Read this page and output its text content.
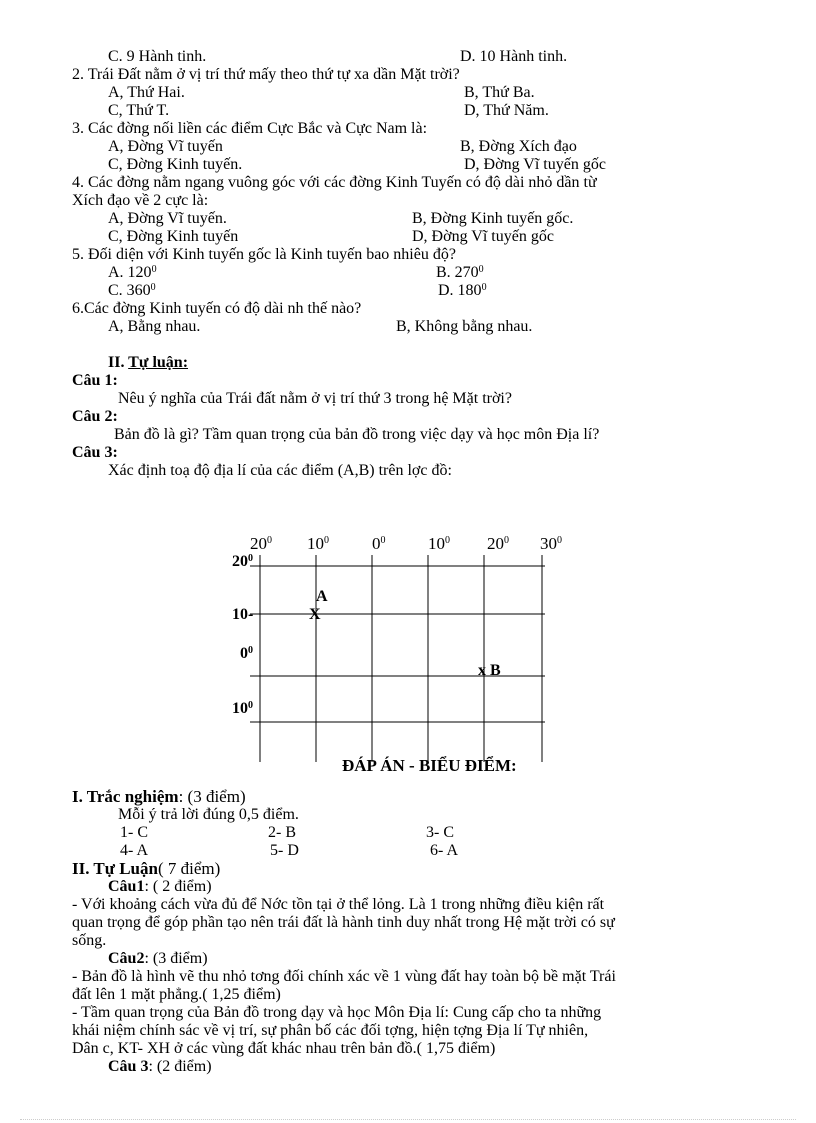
C. 9 Hành tinh.	D. 10 Hành tinh.
2. Trái Đất nằm ở vị trí thứ mấy theo thứ tự xa dần Mặt trời?
A, Thứ Hai.	B, Thứ Ba.
C, Thứ T.	D, Thứ Năm.
3. Các đờng nối liền các điểm Cực Bắc và Cực Nam là:
A, Đờng Vĩ tuyến	B, Đờng Xích đạo
C, Đờng Kinh tuyến.	D, Đờng Vĩ tuyến gốc
4. Các đờng nằm ngang vuông góc với các đờng Kinh Tuyến có độ dài nhỏ dần từ
Xích đạo về 2 cực là:
A, Đờng Vĩ tuyến.	B, Đờng Kinh tuyến gốc.
C, Đờng Kinh tuyến	D, Đờng Vĩ tuyến gốc
5. Đối diện với Kinh tuyến gốc là Kinh tuyến bao nhiêu độ?
A. $120^0$	B. $270^0$
C. $360^0$	D. $180^0$
6.Các đờng Kinh tuyến có độ dài nh thế nào?
A, Bằng nhau.	B, Không bằng nhau.
II. Tự luận:
Câu 1:
Nêu ý nghĩa của Trái đất nằm ở vị trí thứ 3 trong hệ Mặt trời?
Câu 2:
Bản đồ là gì? Tầm quan trọng của bản đồ trong việc dạy và học môn Địa lí?
Câu 3:
Xác định toạ độ địa lí của các điểm (A,B) trên lợc đồ:
$20^0$ $10^0$	$0^0$	$10^0$ $20^0$ $30^0$
$20^0$
10-
$0^0$
$10^0$
A
X
x B
ĐÁP ÁN - BIỂU ĐIỂM:
I. Trắc nghiệm: (3 điểm)
Mỗi ý trả lời đúng 0,5 điểm.
1- C	2- B	3- C
4- A	5- D	6- A
II. Tự Luận( 7 điểm)
Câu1: ( 2 điểm)
- Với khoảng cách vừa đủ để Nớc tồn tại ở thể lỏng. Là 1 trong những điều kiện rất
quan trọng để góp phần tạo nên trái đất là hành tinh duy nhất trong Hệ mặt trời có sự
sống.
Câu2: (3 điểm)
- Bản đồ là hình vẽ thu nhỏ tơng đối chính xác về 1 vùng đất hay toàn bộ bề mặt Trái
đất lên 1 mặt phẳng.( 1,25 điểm)
- Tầm quan trọng của Bản đồ trong dạy và học Môn Địa lí: Cung cấp cho ta những
khái niệm chính sác về vị trí, sự phân bố các đối tợng, hiện tợng Địa lí Tự nhiên,
Dân c, KT- XH ở các vùng đất khác nhau trên bản đồ.( 1,75 điểm)
Câu 3: (2 điểm)
